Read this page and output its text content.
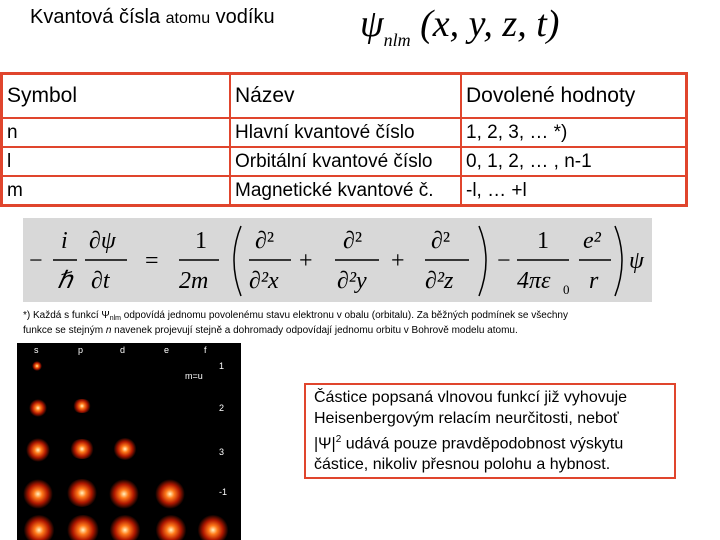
Kvantová čísla atomu vodíku $\psi_{nlm}$ (x, y, z, t)
Symbol	Název	Dovolené hodnoty
n	Hlavní kvantové číslo	1, 2, 3, … *)
l	Orbitální kvantové číslo	0, 1, 2, … , n-1
m	Magnetické kvantové č.	-l, … +l
−
i
ℏ
∂ψ
∂t
=
1
2m
∂²
∂²x
+
∂²
∂²y
+
∂²
∂²z
−
1
4πε 0
e²
r
ψ
*) Každá s funkcí $\Psi_{nlm}$ odpovídá jednomu povolenému stavu elektronu v obalu (orbitalu). Za běžných podmínek se všechny
funkce se stejným n navenek projevují stejně a dohromady odpovídají jednomu orbitu v Bohrově modelu atomu.
s	p	d	e	f
1
m=u
2
3
-1
Částice popsaná vlnovou funkcí již vyhovuje
Heisenbergovým relacím neurčitosti, neboť
$|\Psi|^2$ udává pouze pravděpodobnost výskytu
částice, nikoliv přesnou polohu a hybnost.
